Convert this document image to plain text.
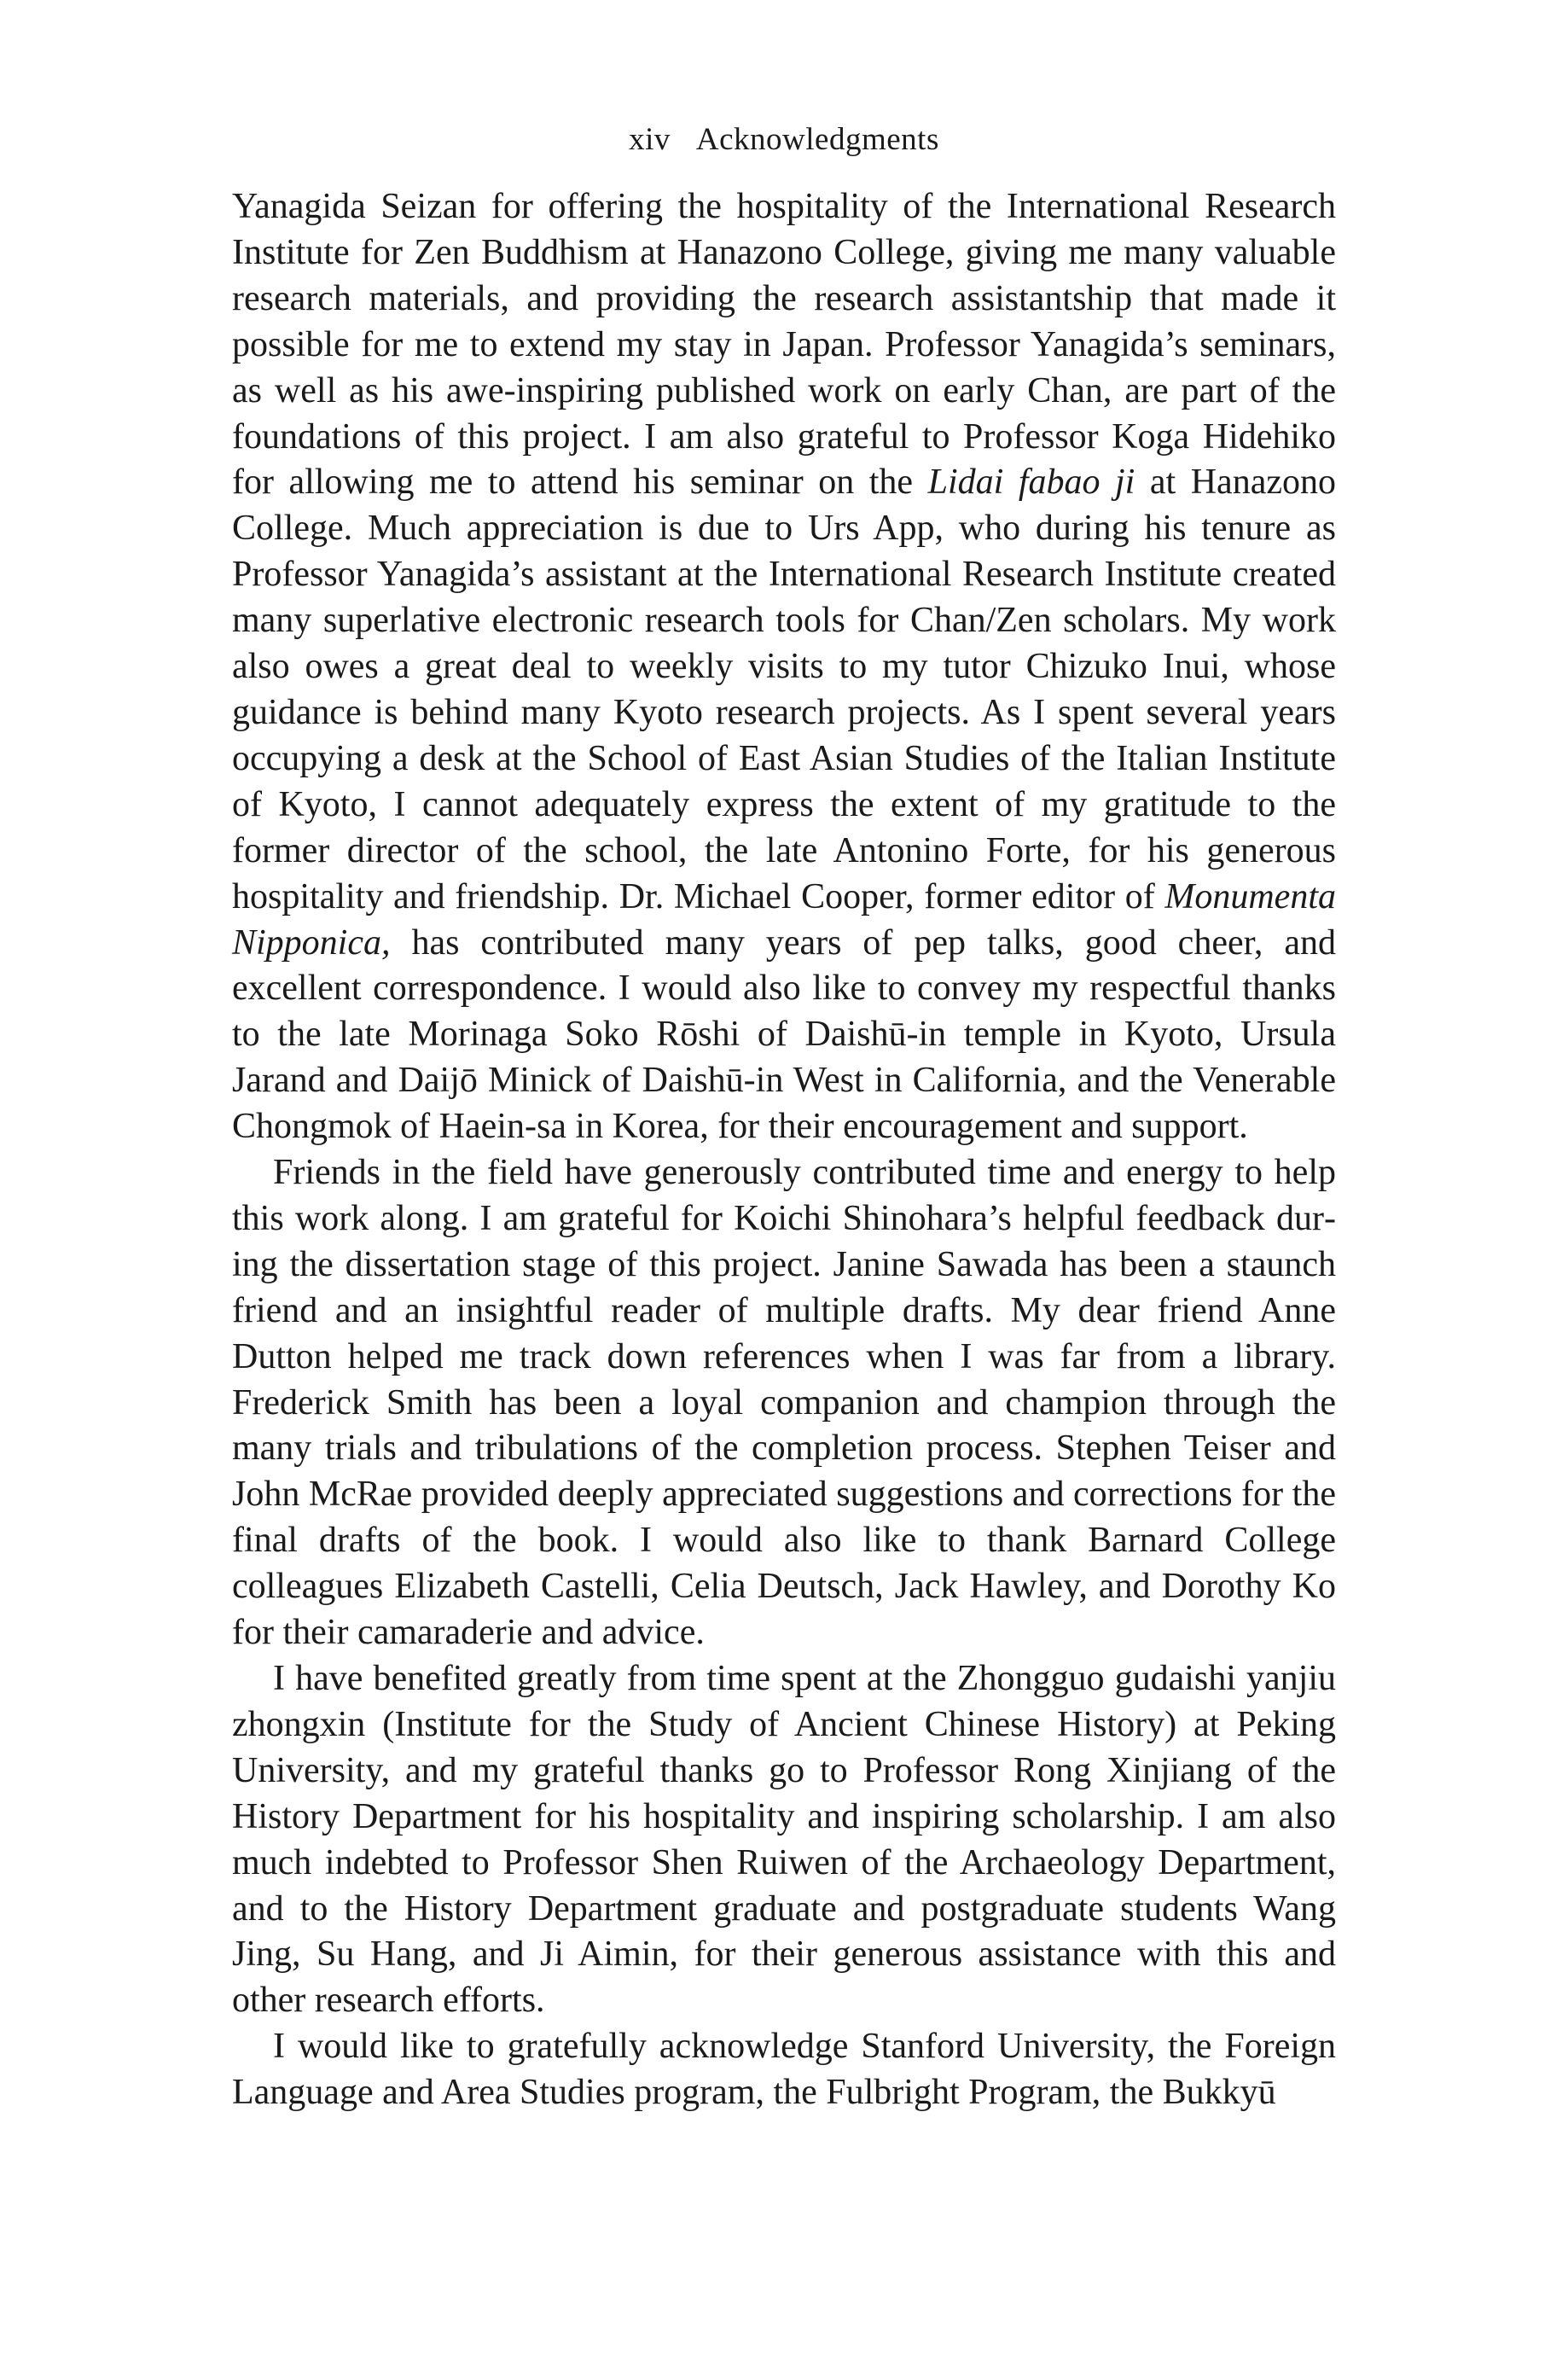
xiv Acknowledgments

Yanagida Seizan for offering the hospitality of the International Research Institute for Zen Buddhism at Hanazono College, giving me many valuable research materials, and providing the research assistantship that made it possible for me to extend my stay in Japan. Professor Yanagida’s seminars, as well as his awe-inspiring published work on early Chan, are part of the foundations of this project. I am also grateful to Professor Koga Hidehiko for allowing me to attend his seminar on the Lidai fabao ji at Hanazono College. Much appreciation is due to Urs App, who during his tenure as Professor Yanagida’s assistant at the International Research Institute created many superlative electronic research tools for Chan/Zen scholars. My work also owes a great deal to weekly visits to my tutor Chizuko Inui, whose guidance is behind many Kyoto research projects. As I spent several years occupying a desk at the School of East Asian Studies of the Italian Institute of Kyoto, I cannot adequately express the extent of my gratitude to the former director of the school, the late Antonino Forte, for his generous hospitality and friendship. Dr. Michael Cooper, former editor of Monumenta Nipponica, has contributed many years of pep talks, good cheer, and excellent correspondence. I would also like to convey my respectful thanks to the late Morinaga Soko Rōshi of Daishū-in temple in Kyoto, Ursula Jarand and Daijō Minick of Daishū-in West in California, and the Venerable Chongmok of Haein-sa in Korea, for their encouragement and support.

Friends in the field have generously contributed time and energy to help this work along. I am grateful for Koichi Shinohara’s helpful feedback during the dissertation stage of this project. Janine Sawada has been a staunch friend and an insightful reader of multiple drafts. My dear friend Anne Dutton helped me track down references when I was far from a library. Frederick Smith has been a loyal companion and champion through the many trials and tribulations of the completion process. Stephen Teiser and John McRae provided deeply appreciated suggestions and corrections for the final drafts of the book. I would also like to thank Barnard College colleagues Elizabeth Castelli, Celia Deutsch, Jack Hawley, and Dorothy Ko for their camaraderie and advice.

I have benefited greatly from time spent at the Zhongguo gudaishi yanjiu zhongxin (Institute for the Study of Ancient Chinese History) at Peking University, and my grateful thanks go to Professor Rong Xinjiang of the History Department for his hospitality and inspiring scholarship. I am also much indebted to Professor Shen Ruiwen of the Archaeology Department, and to the History Department graduate and postgraduate students Wang Jing, Su Hang, and Ji Aimin, for their generous assistance with this and other research efforts.

I would like to gratefully acknowledge Stanford University, the Foreign Language and Area Studies program, the Fulbright Program, the Bukkyū
